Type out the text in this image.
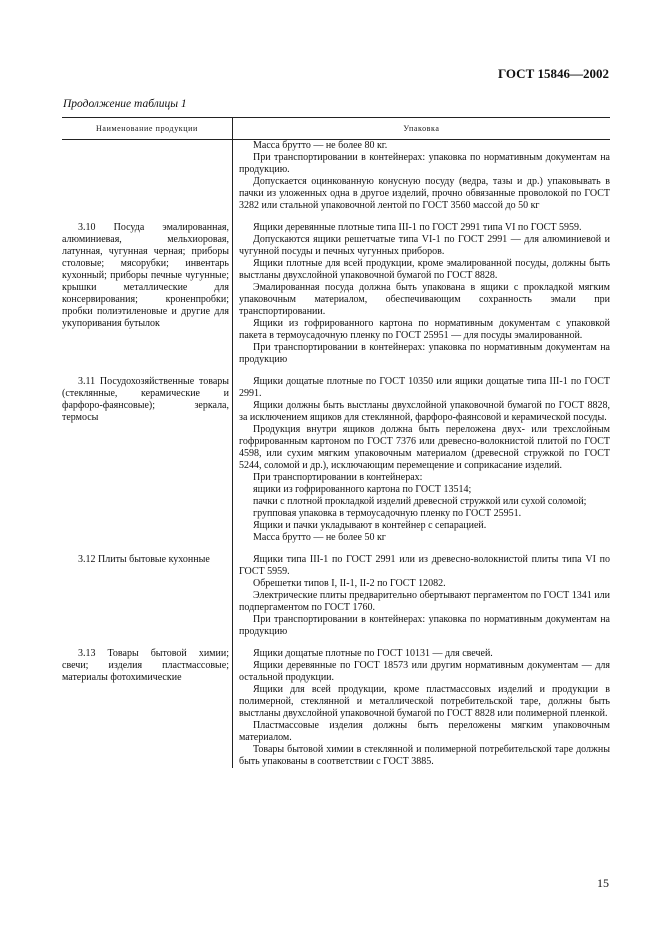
ГОСТ 15846—2002
Продолжение таблицы 1
Наименование продукции	Упаковка

Масса брутто — не более 80 кг.

При транспортировании в контейнерах: упаковка по нормативным документам на продукцию.

Допускается оцинкованную конусную посуду (ведра, тазы и др.) упаковывать в пачки из уложенных одна в другое изделий, прочно обвязанные проволокой по ГОСТ 3282 или стальной упаковочной лентой по ГОСТ 3560 массой до 50 кг

3.10 Посуда эмалированная, алюминиевая, мельхиоровая, латунная, чугунная черная; приборы столовые; мясорубки; инвентарь кухонный; приборы печные чугунные; крышки металлические для консервирования; кроненпробки; пробки полиэтиленовые и другие для укупоривания бутылок

Ящики деревянные плотные типа III-1 по ГОСТ 2991 типа VI по ГОСТ 5959.

Допускаются ящики решетчатые типа VI-1 по ГОСТ 2991 — для алюминиевой и чугунной посуды и печных чугунных приборов.

Ящики плотные для всей продукции, кроме эмалированной посуды, должны быть выстланы двухслойной упаковочной бумагой по ГОСТ 8828.

Эмалированная посуда должна быть упакована в ящики с прокладкой мягким упаковочным материалом, обеспечивающим сохранность эмали при транспортировании.

Ящики из гофрированного картона по нормативным документам с упаковкой пакета в термоусадочную пленку по ГОСТ 25951 — для посуды эмалированной.

При транспортировании в контейнерах: упаковка по нормативным документам на продукцию

3.11 Посудохозяйственные товары (стеклянные, керамические и фарфоро-фаянсовые); зеркала, термосы

Ящики дощатые плотные по ГОСТ 10350 или ящики дощатые типа III-1 по ГОСТ 2991.

Ящики должны быть выстланы двухслойной упаковочной бумагой по ГОСТ 8828, за исключением ящиков для стеклянной, фарфоро-фаянсовой и керамической посуды.

Продукция внутри ящиков должна быть переложена двух- или трехслойным гофрированным картоном по ГОСТ 7376 или древесно-волокнистой плитой по ГОСТ 4598, или сухим мягким упаковочным материалом (древесной стружкой по ГОСТ 5244, соломой и др.), исключающим перемещение и соприкасание изделий.

При транспортировании в контейнерах:

ящики из гофрированного картона по ГОСТ 13514;

пачки с плотной прокладкой изделий древесной стружкой или сухой соломой;

групповая упаковка в термоусадочную пленку по ГОСТ 25951.

Ящики и пачки укладывают в контейнер с сепарацией.

Масса брутто — не более 50 кг

3.12 Плиты бытовые кухонные	Ящики типа III-1 по ГОСТ 2991 или из древесно-волокнистой плиты типа VI по ГОСТ 5959.

Обрешетки типов I, II-1, II-2 по ГОСТ 12082.

Электрические плиты предварительно обертывают пергаментом по ГОСТ 1341 или подпергаментом по ГОСТ 1760.

При транспортировании в контейнерах: упаковка по нормативным документам на продукцию

3.13 Товары бытовой химии; свечи; изделия пластмассовые; материалы фотохимические

Ящики дощатые плотные по ГОСТ 10131 — для свечей.

Ящики деревянные по ГОСТ 18573 или другим нормативным документам — для остальной продукции.

Ящики для всей продукции, кроме пластмассовых изделий и продукции в полимерной, стеклянной и металлической потребительской таре, должны быть выстланы двухслойной упаковочной бумагой по ГОСТ 8828 или полимерной пленкой.

Пластмассовые изделия должны быть переложены мягким упаковочным материалом.

Товары бытовой химии в стеклянной и полимерной потребительской таре должны быть упакованы в соответствии с ГОСТ 3885.

15
